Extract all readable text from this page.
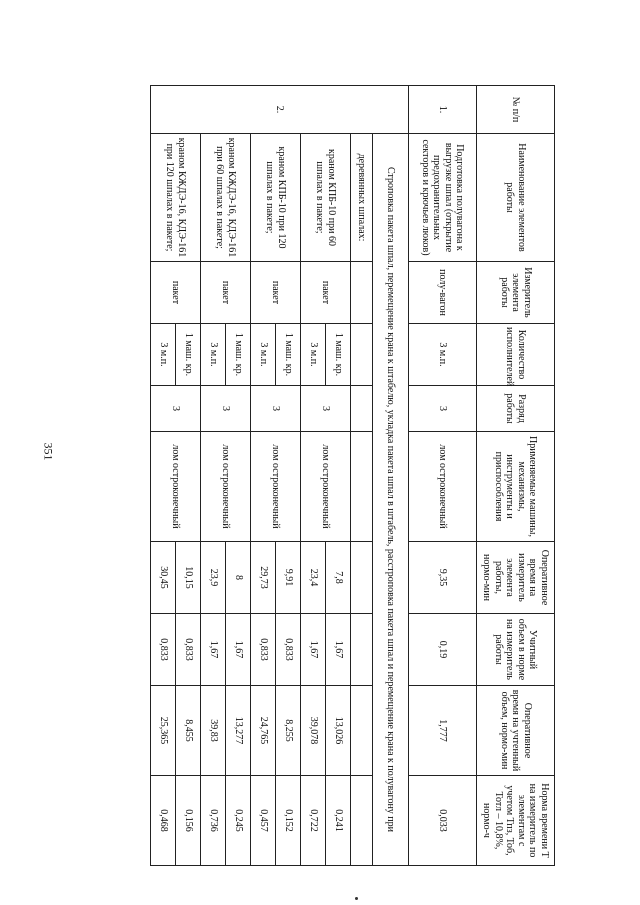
351
№ п/п	Наименование элементов работы	Измеритель элемента работы	Количество исполнителей	Разряд работы	Применяемые машины, механизмы, инструменты и приспособления	Оперативное время на измеритель элемента работы, нормо-мин	Учитный объем в норме на измеритель работы	Оперативное время на учтенный объем, нормо-мин	Норма времени Т на измеритель по элементам с учетом Тпз, Тоб, Тотл – 10,8%, нормо-ч
1.	Подготовка полувагона к выгрузке шпал (открытие предохранительных секторов и крючьев люков)	полу-вагон	3 м.п.	3	лом остроконечный	9,35	0,19	1,777	0,033
2.	Строповка пакета шпал, перемещение крана к штабелю, укладка пакета шпал в штабель, расстроповка пакета шпал и перемещение крана к полувагону при								
	деревянных шпалах:								
	краном КПБ-10 при 60 шпалах в пакете;	пакет	1 маш. кр.	3	лом остроконечный	7,8	1,67	13,026	0,241
			3 м.п.			23,4	1,67	39,078	0,722
	краном КПБ-10 при 120 шпалах в пакете;	пакет	1 маш. кр.	3	лом остроконечный	9,91	0,833	8,255	0,152
			3 м.п.			29,73	0,833	24,765	0,457
	краном КЖДЭ-16, КДЭ-161 при 60 шпалах в пакете;	пакет	1 маш. кр.	3	лом остроконечный	8	1,67	13,277	0,245
			3 м.п.			23,9	1,67	39,83	0,736
	краном КЖДЭ-16, КДЭ-161 при 120 шпалах в пакете;	пакет	1 маш. кр.	3	лом остроконечный	10,15	0,833	8,455	0,156
			3 м.п.			30,45	0,833	25,365	0,468
